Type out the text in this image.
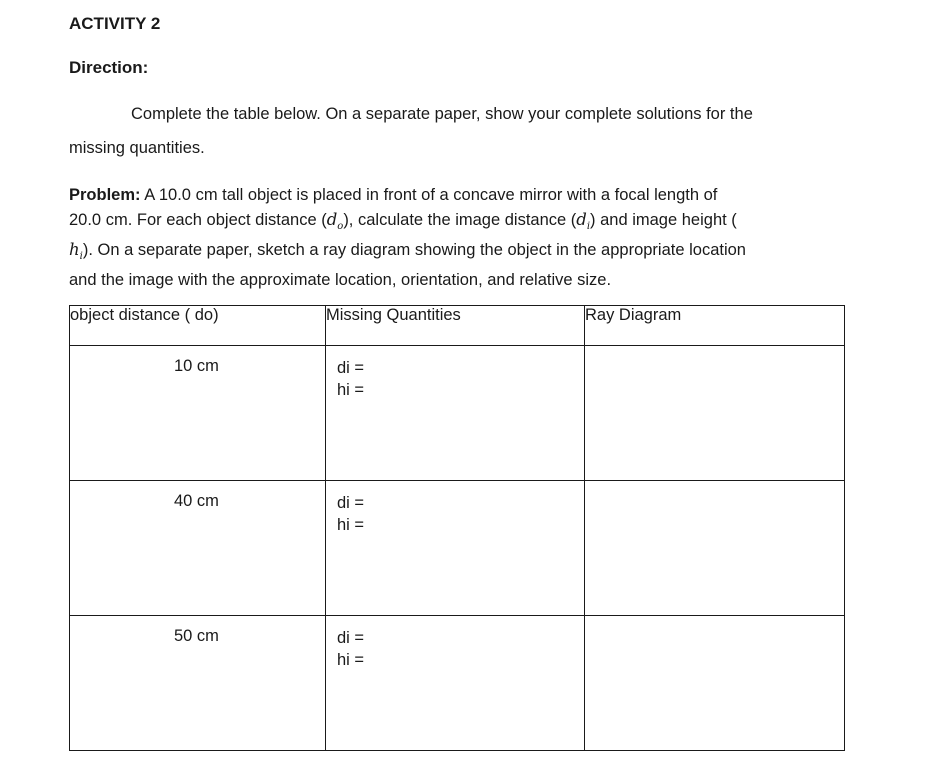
ACTIVITY 2
Direction:
Complete the table below. On a separate paper, show your complete solutions for the
missing quantities.
Problem: A 10.0 cm tall object is placed in front of a concave mirror with a focal length of
20.0 cm. For each object distance $(d_o)$, calculate the image distance $(d_i)$ and image height (
$h_i$). On a separate paper, sketch a ray diagram showing the object in the appropriate location
and the image with the approximate location, orientation, and relative size.
object distance ( do)	Missing Quantities	Ray Diagram
10 cm	di =
hi =	

40 cm	di =
hi =	

50 cm	di =
hi =	
